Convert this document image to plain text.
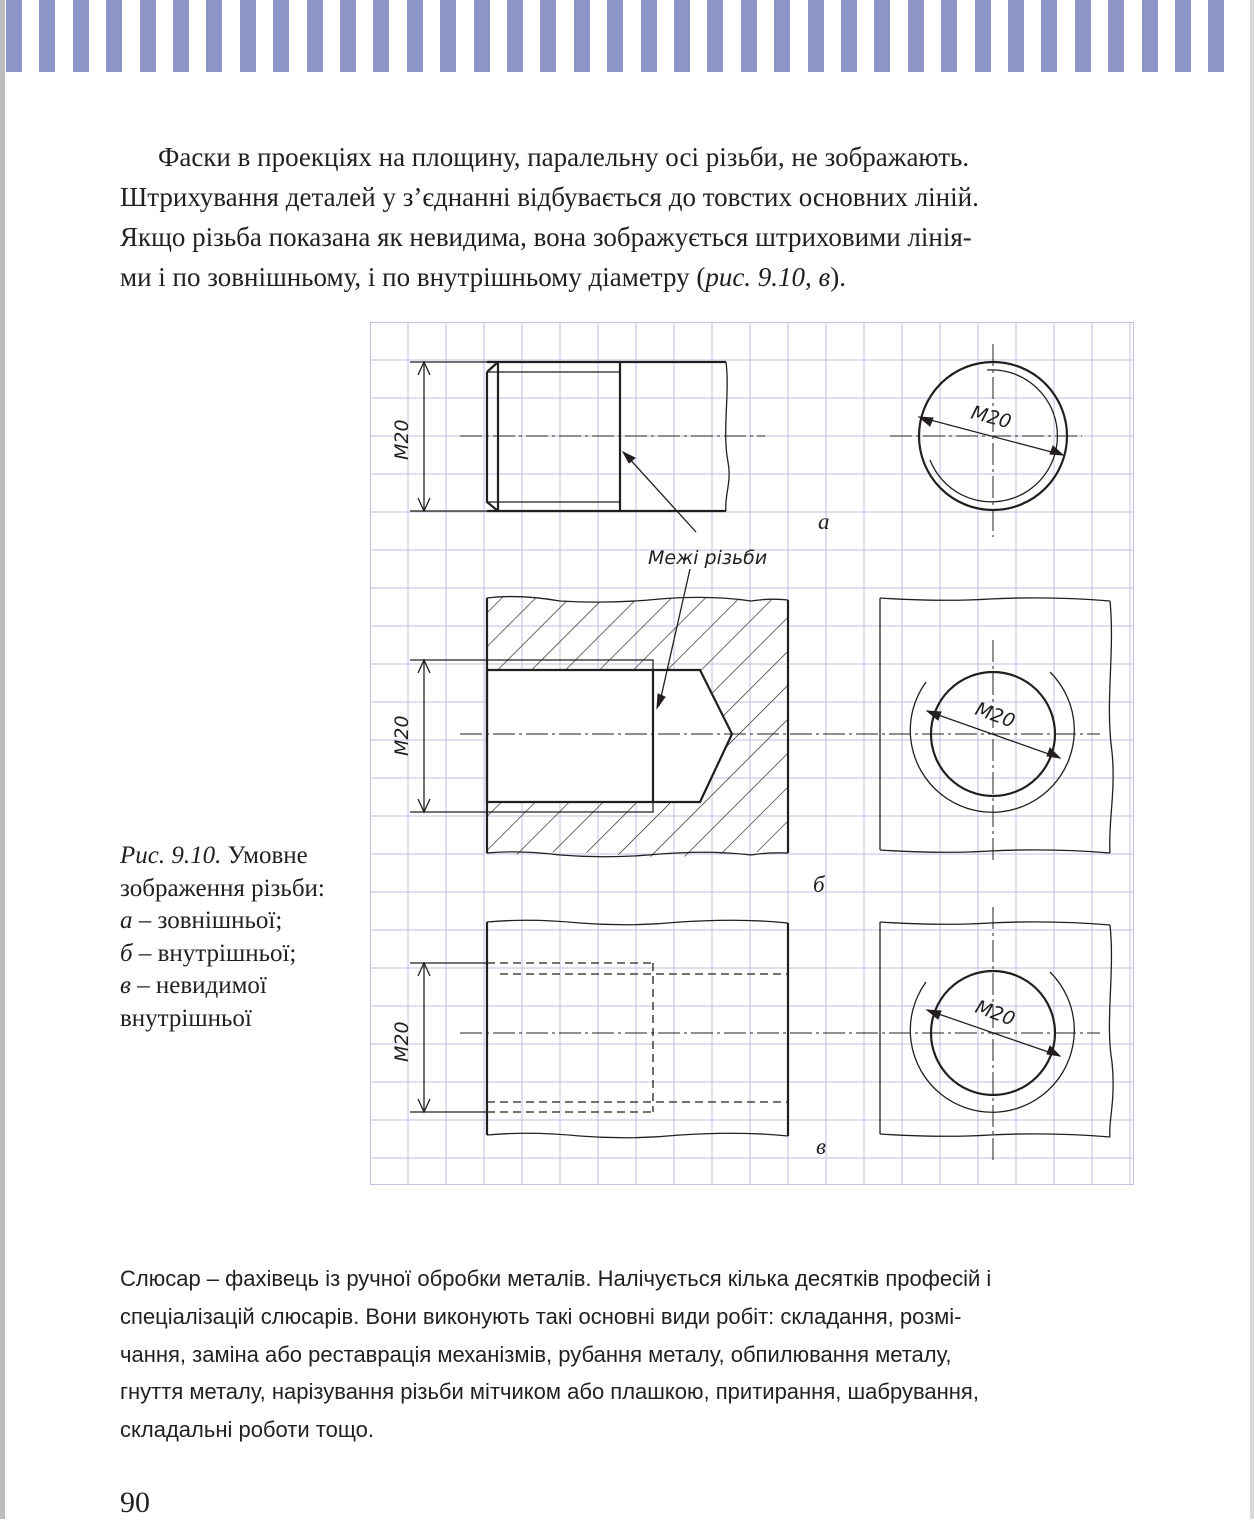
Фаски в проекціях на площину, паралельну осі різьби, не зображають.
Штрихування деталей у з’єднанні відбувається до товстих основних ліній.
Якщо різьба показана як невидима, вона зображується штриховими лінія-
ми і по зовнішньому, і по внутрішньому діаметру (рис. 9.10, в).
М20
М20
М20
М20
М20
М20
Межі різьби
а
б
в
Рис. 9.10. Умовне
зображення різьби:
а – зовнішньої;
б – внутрішньої;
в – невидимої
внутрішньої
Слюсар – фахівець із ручної обробки металів. Налічується кілька десятків професій і
спеціалізацій слюсарів. Вони виконують такі основні види робіт: складання, розмі-
чання, заміна або реставрація механізмів, рубання металу, обпилювання металу,
гнуття металу, нарізування різьби мітчиком або плашкою, притирання, шабрування,
складальні роботи тощо.
90
